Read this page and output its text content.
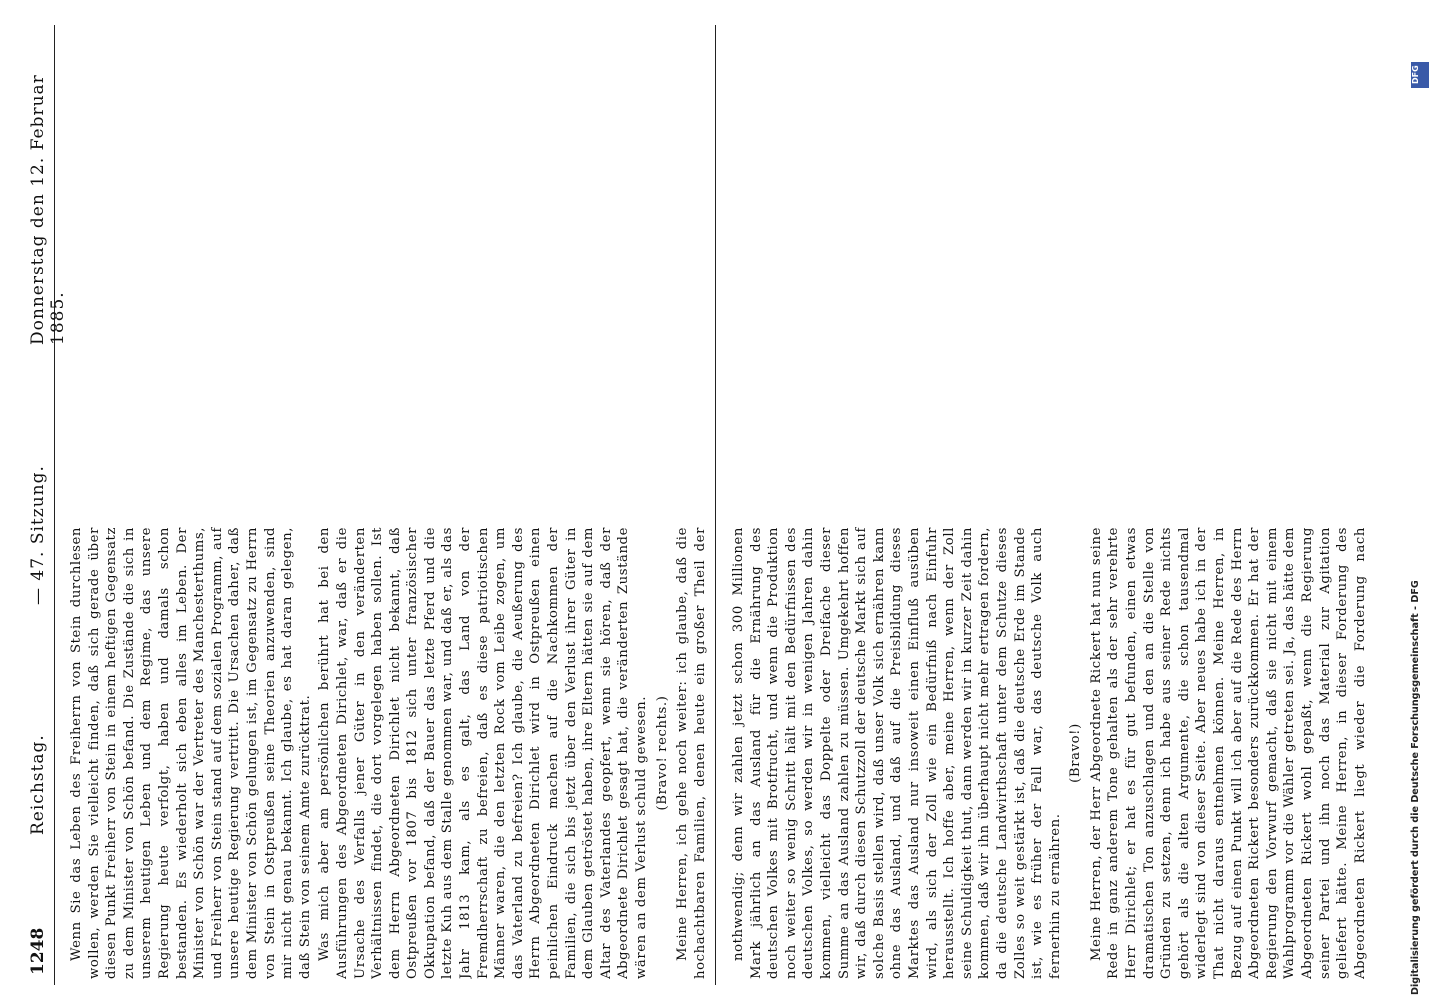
1248
Reichstag.
— 47. Sitzung.
Donnerstag den 12. Februar 1885.

Wenn Sie das Leben des Freiherrn von Stein durchlesen wollen, werden Sie vielleicht finden, daß sich gerade über diesen Punkt Freiherr von Stein in einem heftigen Gegensatz zu dem Minister von Schön befand. Die Zustände die sich in unserem heutigen Leben und dem Regime, das unsere Regierung heute verfolgt, haben und damals schon bestanden. Es wiederholt sich eben alles im Leben. Der Minister von Schön war der Vertreter des Manchesterthums, und Freiherr von Stein stand auf dem sozialen Programm, auf unsere heutige Regierung vertritt. Die Ursachen daher, daß dem Minister von Schön gelungen ist, im Gegensatz zu Herrn von Stein in Ostpreußen seine Theorien anzuwenden, sind mir nicht genau bekannt. Ich glaube, es hat daran gelegen, daß Stein von seinem Amte zurücktrat. Was mich aber am persönlichen berührt hat bei den Ausführungen des Abgeordneten Dirichlet, war, daß er die Ursache des Verfalls jener Güter in den veränderten Verhältnissen findet, die dort vorgelegen haben sollen. Ist dem Herrn Abgeordneten Dirichlet nicht bekannt, daß Ostpreußen vor 1807 bis 1812 sich unter französischer Okkupation befand, daß der Bauer das letzte Pferd und die letzte Kuh aus dem Stalle genommen war, und daß er, als das Jahr 1813 kam, als es galt, das Land von der Fremdherrschaft zu befreien, daß es diese patriotischen Männer waren, die den letzten Rock vom Leibe zogen, um das Vaterland zu befreien? Ich glaube, die Aeußerung des Herrn Abgeordneten Dirichlet wird in Ostpreußen einen peinlichen Eindruck machen auf die Nachkommen der Familien, die sich bis jetzt über den Verlust ihrer Güter in dem Glauben getröstet haben, ihre Eltern hätten sie auf dem Altar des Vaterlandes geopfert, wenn sie hören, daß der Abgeordnete Dirichlet gesagt hat, die veränderten Zustände wären an dem Verlust schuld gewesen. (Bravo! rechts.)

Meine Herren, ich gehe noch weiter: ich glaube, daß die hochachtbaren Familien, denen heute ein großer Theil der	nothwendig; denn wir zahlen jetzt schon 300 Millionen Mark jährlich an das Ausland für die Ernährung des deutschen Volkes mit Brotfrucht, und wenn die Produktion noch weiter so wenig Schritt hält mit den Bedürfnissen des deutschen Volkes, so werden wir in wenigen Jahren dahin kommen, vielleicht das Doppelte oder Dreifache dieser Summe an das Ausland zahlen zu müssen. Umgekehrt hoffen wir, daß durch diesen Schutzzoll der deutsche Markt sich auf solche Basis stellen wird, daß unser Volk sich ernähren kann ohne das Ausland, und daß auf die Preisbildung dieses Marktes das Ausland nur insoweit einen Einfluß ausüben wird, als sich der Zoll wie ein Bedürfniß nach Einfuhr herausstellt. Ich hoffe aber, meine Herren, wenn der Zoll seine Schuldigkeit thut, dann werden wir in kurzer Zeit dahin kommen, daß wir ihn überhaupt nicht mehr ertragen fordern, da die deutsche Landwirthschaft unter dem Schutze dieses Zolles so weit gestärkt ist, daß die deutsche Erde im Stande ist, wie es früher der Fall war, das deutsche Volk auch fernerhin zu ernähren.

(Bravo!)

Meine Herren, der Herr Abgeordnete Rickert hat nun seine Rede in ganz anderem Tone gehalten als der sehr verehrte Herr Dirichlet; er hat es für gut befunden, einen etwas dramatischen Ton anzuschlagen und den an die Stelle von Gründen zu setzen, denn ich habe aus seiner Rede nichts gehört als die alten Argumente, die schon tausendmal widerlegt sind von dieser Seite. Aber neues habe ich in der That nicht daraus entnehmen können. Meine Herren, in Bezug auf einen Punkt will ich aber auf die Rede des Herrn Abgeordneten Rickert besonders zurückkommen. Er hat der Regierung den Vorwurf gemacht, daß sie nicht mit einem Wahlprogramm vor die Wähler getreten sei. Ja, das hätte dem Abgeordneten Rickert wohl gepaßt, wenn die Regierung seiner Partei und ihn noch das Material zur Agitation geliefert hätte. Meine Herren, in dieser Forderung des Abgeordneten Rickert liegt wieder die Forderung nach

Digitalisierung gefördert durch die Deutsche Forschungsgemeinschaft - DFG
DFG
